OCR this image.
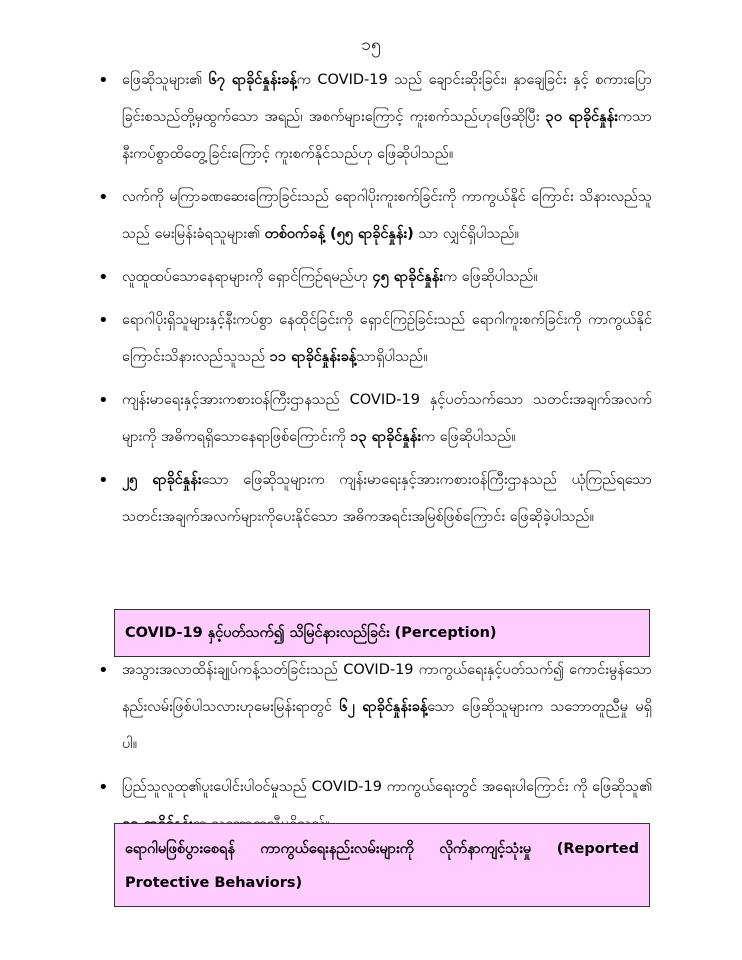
၁၅
• ဖြေဆိုသူများ၏ ၆၇ ရာခိုင်နှုန်းခန့်က COVID-19 သည် ချောင်းဆိုးခြင်း၊ နှာချေခြင်း နှင့် စကားပြောခြင်းစသည်တို့မှထွက်သော အရည်၊ အစက်များကြောင့် ကူးစက်သည်ဟုဖြေဆိုပြီး ၃၀ ရာခိုင်နှုန်းကသာ နီးကပ်စွာထိတွေ့ခြင်းကြောင့် ကူးစက်နိုင်သည်ဟု ဖြေဆိုပါသည်။
• လက်ကို မကြာခဏဆေးကြောခြင်းသည် ရောဂါပိုးကူးစက်ခြင်းကို ကာကွယ်နိုင် ကြောင်း သိနားလည်သူသည် မေးမြန်းခံရသူများ၏ တစ်ဝက်ခန့် (၅၅ ရာခိုင်နှုန်း) သာ လျှင်ရှိပါသည်။
• လူထူထပ်သောနေရာများကို ရှောင်ကြဉ်ရမည်ဟု ၄၅ ရာခိုင်နှုန်းက ဖြေဆိုပါသည်။
• ရောဂါပိုးရှိသူများနှင့်နီးကပ်စွာ နေထိုင်ခြင်းကို ရှောင်ကြဉ်ခြင်းသည် ရောဂါကူးစက်ခြင်းကို ကာကွယ်နိုင်ကြောင်းသိနားလည်သူသည် ၁၁ ရာခိုင်နှုန်းခန့်သာရှိပါသည်။
• ကျန်းမာရေးနှင့်အားကစားဝန်ကြီးဌာနသည် COVID-19 နှင့်ပတ်သက်သော သတင်းအချက်အလက်များကို အဓိကရရှိသောနေရာဖြစ်ကြောင်းကို ၁၃ ရာခိုင်နှုန်းက ဖြေဆိုပါသည်။
• ၂၅ ရာခိုင်နှုန်းသော ဖြေဆိုသူများက ကျန်းမာရေးနှင့်အားကစားဝန်ကြီးဌာနသည် ယုံကြည်ရသော သတင်းအချက်အလက်များကိုပေးနိုင်သော အဓိကအရင်းအမြစ်ဖြစ်ကြောင်း ဖြေဆိုခဲ့ပါသည်။
COVID-19 နှင့်ပတ်သက်၍ သိမြင်နားလည်ခြင်း (Perception)
• အသွားအလာထိန်းချုပ်ကန့်သတ်ခြင်းသည် COVID-19 ကာကွယ်ရေးနှင့်ပတ်သက်၍ ကောင်းမွန်သော နည်းလမ်းဖြစ်ပါသလားဟုမေးမြန်းရာတွင် ၆၂ ရာခိုင်နှုန်းခန့်သော ဖြေဆိုသူများက သဘောတူညီမှု မရှိပါ။
• ပြည်သူလူထု၏ပူးပေါင်းပါဝင်မှုသည် COVID-19 ကာကွယ်ရေးတွင် အရေးပါကြောင်း ကို ဖြေဆိုသူ၏
ရောဂါမဖြစ်ပွားစေရန် ကာကွယ်ရေးနည်းလမ်းများကို လိုက်နာကျင့်သုံးမှု (Reported Protective Behaviors)
